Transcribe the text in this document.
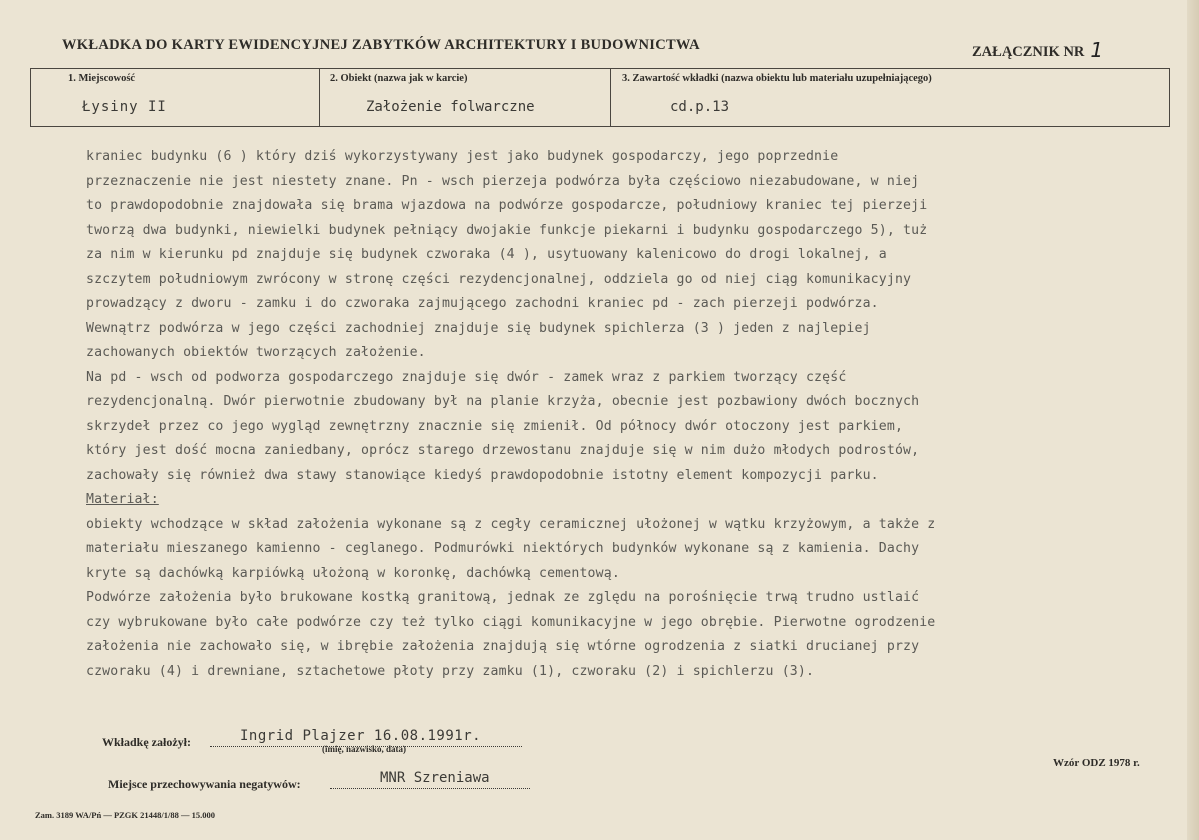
WKŁADKA DO KARTY EWIDENCYJNEJ ZABYTKÓW ARCHITEKTURY I BUDOWNICTWA	ZAŁĄCZNIK NR 1
1. Miejscowość	2. Obiekt (nazwa jak w karcie)	3. Zawartość wkładki (nazwa obiektu lub materiału uzupełniającego)
Łysiny II	Założenie folwarczne	cd.p.13
kraniec budynku (6 ) który dziś wykorzystywany jest jako budynek gospodarczy, jego poprzednie
przeznaczenie nie jest niestety znane. Pn - wsch pierzeja podwórza była częściowo niezabudowane, w niej
to prawdopodobnie znajdowała się brama wjazdowa na podwórze gospodarcze, południowy kraniec tej pierzeji
tworzą dwa budynki, niewielki budynek pełniący dwojakie funkcje piekarni i budynku gospodarczego 5), tuż
za nim w kierunku pd znajduje się budynek czworaka (4 ), usytuowany kalenicowo do drogi lokalnej, a
szczytem południowym zwrócony w stronę części rezydencjonalnej, oddziela go od niej ciąg komunikacyjny
prowadzący z dworu - zamku i do czworaka zajmującego zachodni kraniec pd - zach pierzeji podwórza.
Wewnątrz podwórza w jego części zachodniej znajduje się budynek spichlerza (3 ) jeden z najlepiej
zachowanych obiektów tworzących założenie.
Na pd - wsch od podworza gospodarczego znajduje się dwór - zamek wraz z parkiem tworzący część
rezydencjonalną. Dwór pierwotnie zbudowany był na planie krzyża, obecnie jest pozbawiony dwóch bocznych
skrzydeł przez co jego wygląd zewnętrzny znacznie się zmienił. Od północy dwór otoczony jest parkiem,
który jest dość mocna zaniedbany, oprócz starego drzewostanu znajduje się w nim dużo młodych podrostów,
zachowały się również dwa stawy stanowiące kiedyś prawdopodobnie istotny element kompozycji parku.
Materiał:
obiekty wchodzące w skład założenia wykonane są z cegły ceramicznej ułożonej w wątku krzyżowym, a także z
materiału mieszanego kamienno - ceglanego. Podmurówki niektórych budynków wykonane są z kamienia. Dachy
kryte są dachówką karpiówką ułożoną w koronkę, dachówką cementową.
Podwórze założenia było brukowane kostką granitową, jednak ze zględu na porośnięcie trwą trudno ustlaić
czy wybrukowane było całe podwórze czy też tylko ciągi komunikacyjne w jego obrębie. Pierwotne ogrodzenie
założenia nie zachowało się, w ibrębie założenia znajdują się wtórne ogrodzenia z siatki drucianej przy
czworaku (4) i drewniane, sztachetowe płoty przy zamku (1), czworaku (2) i spichlerzu (3).
Wkładkę założył:	Ingrid Plajzer 16.08.1991r.
(imię, nazwisko, data)
Miejsce przechowywania negatywów:	MNR Szreniawa
Wzór ODZ 1978 r.
Zam. 3189 WA/Pń — PZGK 21448/1/88 — 15.000
